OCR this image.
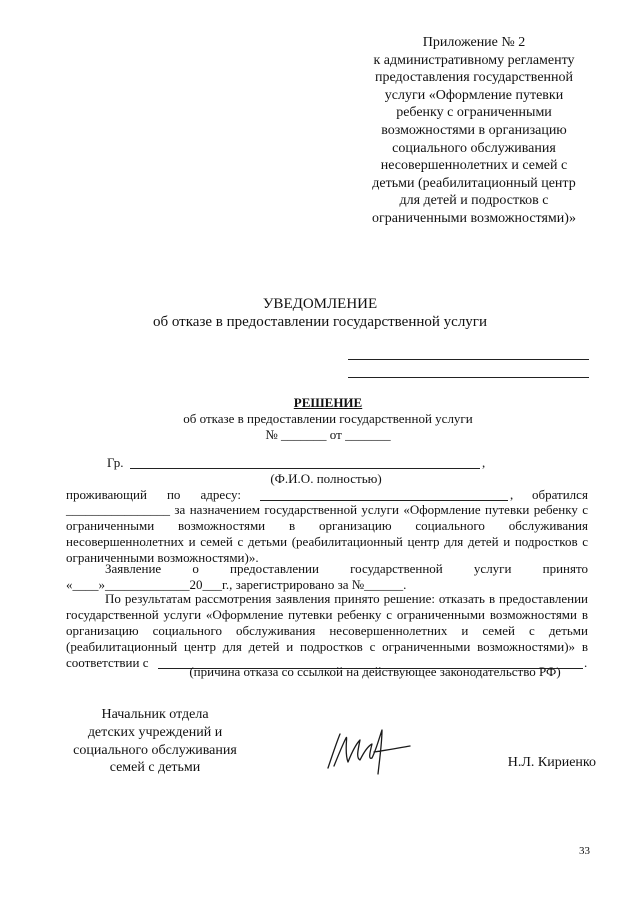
Приложение № 2
к административному регламенту
предоставления государственной
услуги «Оформление путевки
ребенку с ограниченными
возможностями в организацию
социального обслуживания
несовершеннолетних и семей с
детьми (реабилитационный центр
для детей и подростков с
ограниченными возможностями)»
УВЕДОМЛЕНИЕ
об отказе в предоставлении государственной услуги
РЕШЕНИЕ
об отказе в предоставлении государственной услуги
№ _______ от _______
Гр.	,
(Ф.И.О. полностью)
проживающий по адресу:	, обратился
________________ за назначением государственной услуги «Оформление путевки ребенку с
ограниченными возможностями в организацию социального обслуживания
несовершеннолетних и семей с детьми (реабилитационный центр для детей и подростков с
ограниченными возможностями)».
Заявление о предоставлении государственной услуги принято
«____»_____________20___г., зарегистрировано за №______.
По результатам рассмотрения заявления принято решение: отказать в предоставлении
государственной услуги «Оформление путевки ребенку с ограниченными возможностями в
организацию социального обслуживания несовершеннолетних и семей с детьми
(реабилитационный центр для детей и подростков с ограниченными возможностями)» в
соответствии с	.
(причина отказа со ссылкой на действующее законодательство РФ)
Начальник отдела
детских учреждений и
социального обслуживания
семей с детьми	Н.Л. Кириенко
33
